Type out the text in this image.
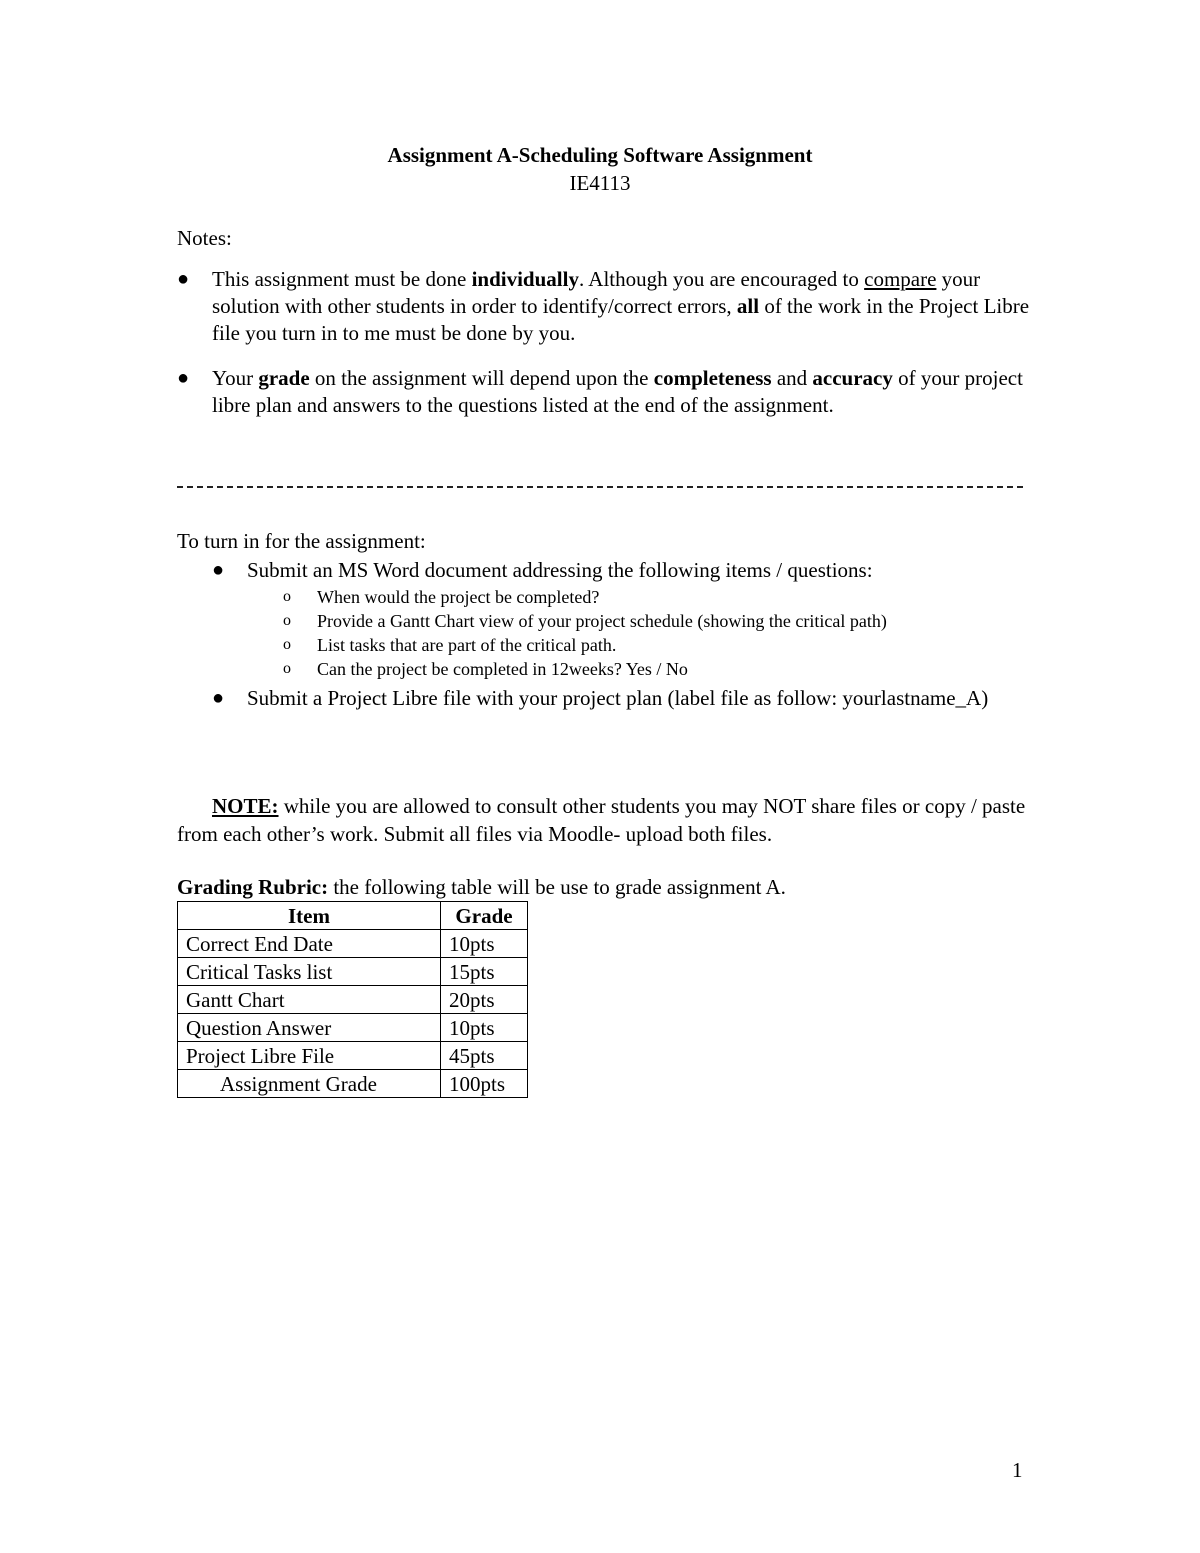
Assignment A-Scheduling Software Assignment

IE4113

Notes:

●	This assignment must be done individually. Although you are encouraged to compare your solution with other students in order to identify/correct errors, all of the work in the Project Libre file you turn in to me must be done by you.
●	Your grade on the assignment will depend upon the completeness and accuracy of your project libre plan and answers to the questions listed at the end of the assignment.

To turn in for the assignment:

● Submit an MS Word document addressing the following items / questions:
o When would the project be completed?
o Provide a Gantt Chart view of your project schedule (showing the critical path)
o List tasks that are part of the critical path.
o Can the project be completed in 12weeks? Yes / No
● Submit a Project Libre file with your project plan (label file as follow: yourlastname_A)

NOTE: while you are allowed to consult other students you may NOT share files or copy / paste from each other’s work. Submit all files via Moodle- upload both files.

Grading Rubric: the following table will be use to grade assignment A.

Item	Grade
Correct End Date	10pts
Critical Tasks list	15pts
Gantt Chart	20pts
Question Answer	10pts
Project Libre File	45pts
Assignment Grade	100pts

1
